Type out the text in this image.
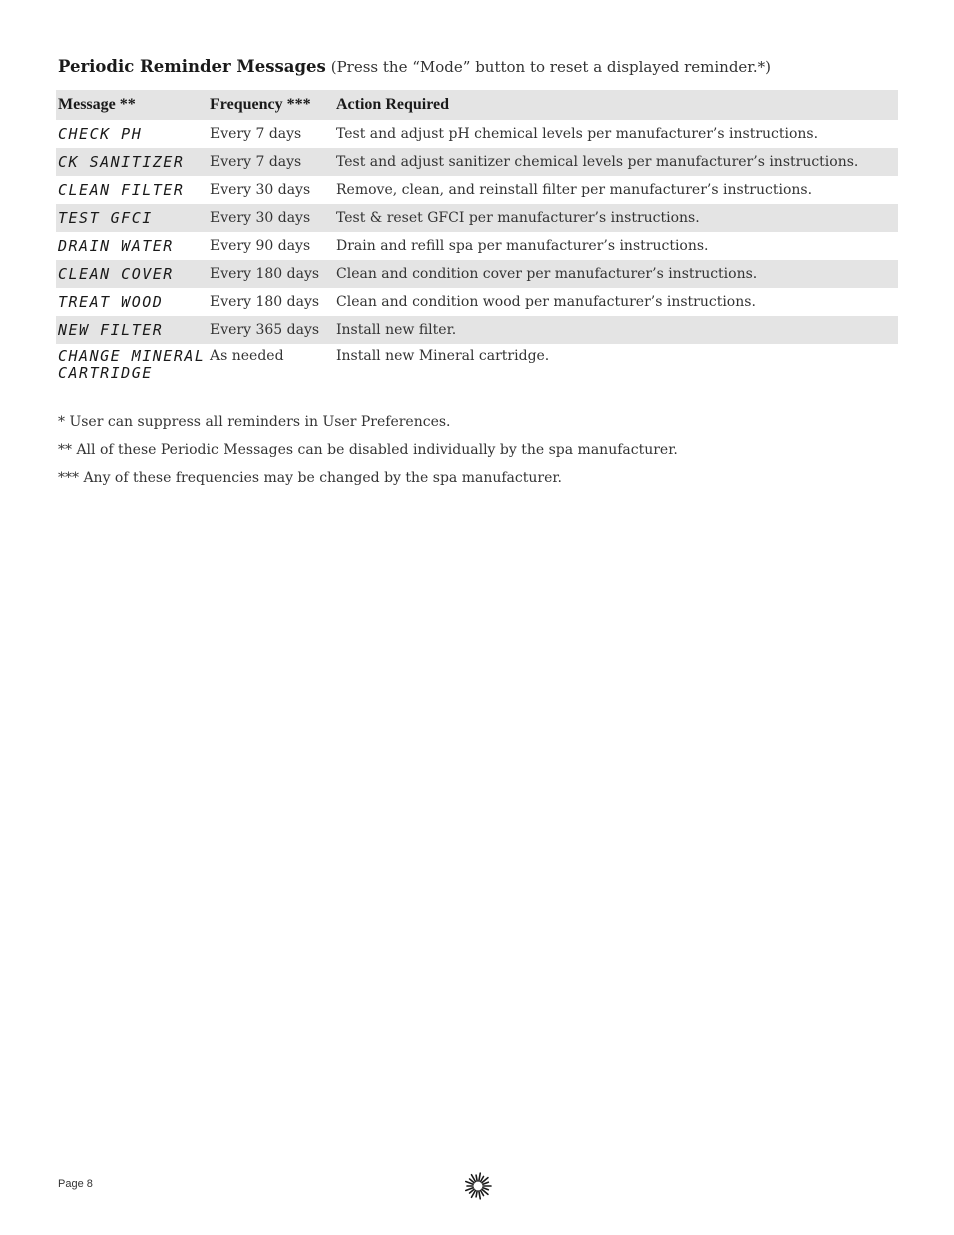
Periodic Reminder Messages (Press the “Mode” button to reset a displayed reminder.*)
Message **	Frequency ***	Action Required
CHECK PH	Every 7 days	Test and adjust pH chemical levels per manufacturer’s instructions.
CK SANITIZER	Every 7 days	Test and adjust sanitizer chemical levels per manufacturer’s instructions.
CLEAN FILTER	Every 30 days	Remove, clean, and reinstall filter per manufacturer’s instructions.
TEST GFCI	Every 30 days	Test & reset GFCI per manufacturer’s instructions.
DRAIN WATER	Every 90 days	Drain and refill spa per manufacturer’s instructions.
CLEAN COVER	Every 180 days	Clean and condition cover per manufacturer’s instructions.
TREAT WOOD	Every 180 days	Clean and condition wood per manufacturer’s instructions.
NEW FILTER	Every 365 days	Install new filter.
CHANGE MINERAL CARTRIDGE	As needed	Install new Mineral cartridge.

* User can suppress all reminders in User Preferences.

** All of these Periodic Messages can be disabled individually by the spa manufacturer.

*** Any of these frequencies may be changed by the spa manufacturer.

Page 8
